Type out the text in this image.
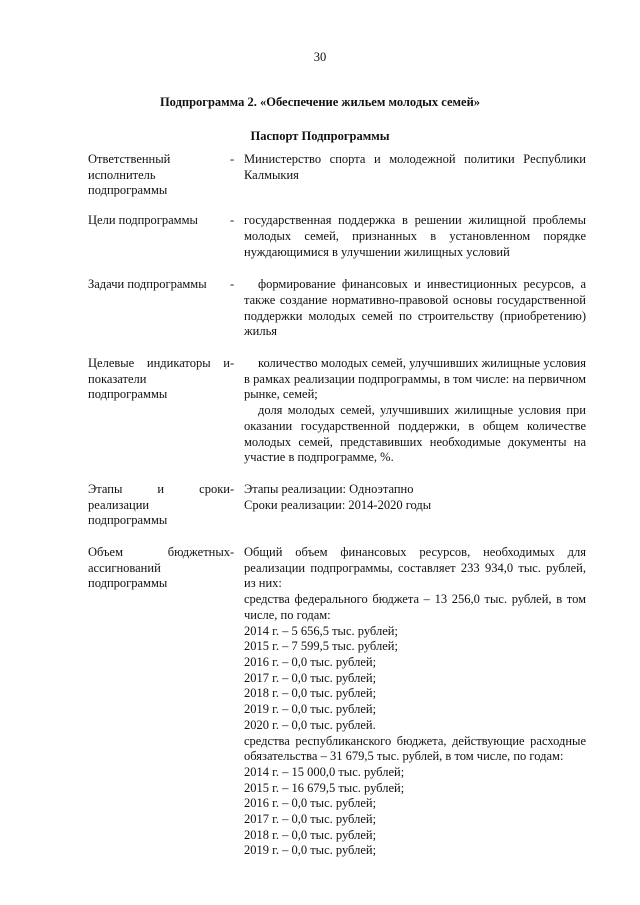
30
Подпрограмма 2. «Обеспечение жильем молодых семей»
Паспорт Подпрограммы
Ответственный
исполнитель
подпрограммы
- Министерство спорта и молодежной политики Республики Калмыкия

Цели подпрограммы	- государственная поддержка в решении жилищной проблемы молодых семей, признанных в установленном порядке нуждающимися в улучшении жилищных условий

Задачи подпрограммы	-	формирование финансовых и инвестиционных ресурсов, а также создание нормативно-правовой основы государственной поддержки молодых семей по строительству (приобретению) жилья

Целевые индикаторы и
показатели
подпрограммы
-	количество молодых семей, улучшивших жилищные условия в рамках реализации подпрограммы, в том числе: на первичном рынке, семей;

доля молодых семей, улучшивших жилищные условия при оказании государственной поддержки, в общем количестве молодых семей, представивших необходимые документы на участие в подпрограмме, %.

Этапы и сроки
реализации
подпрограммы
- Этапы реализации: Одноэтапно

Сроки реализации: 2014-2020 годы

Объем бюджетных
ассигнований
подпрограммы
- Общий объем финансовых ресурсов, необходимых для реализации подпрограммы, составляет 233 934,0 тыс. рублей, из них:

средства федерального бюджета – 13 256,0 тыс. рублей, в том числе, по годам:

2014 г. – 5 656,5 тыс. рублей;

2015 г. – 7 599,5 тыс. рублей;

2016 г. – 0,0 тыс. рублей;

2017 г. – 0,0 тыс. рублей;

2018 г. – 0,0 тыс. рублей;

2019 г. – 0,0 тыс. рублей;

2020 г. – 0,0 тыс. рублей.

средства республиканского бюджета, действующие расходные обязательства – 31 679,5 тыс. рублей, в том числе, по годам:

2014 г. – 15 000,0 тыс. рублей;

2015 г. – 16 679,5 тыс. рублей;

2016 г. – 0,0 тыс. рублей;

2017 г. – 0,0 тыс. рублей;

2018 г. – 0,0 тыс. рублей;

2019 г. – 0,0 тыс. рублей;
